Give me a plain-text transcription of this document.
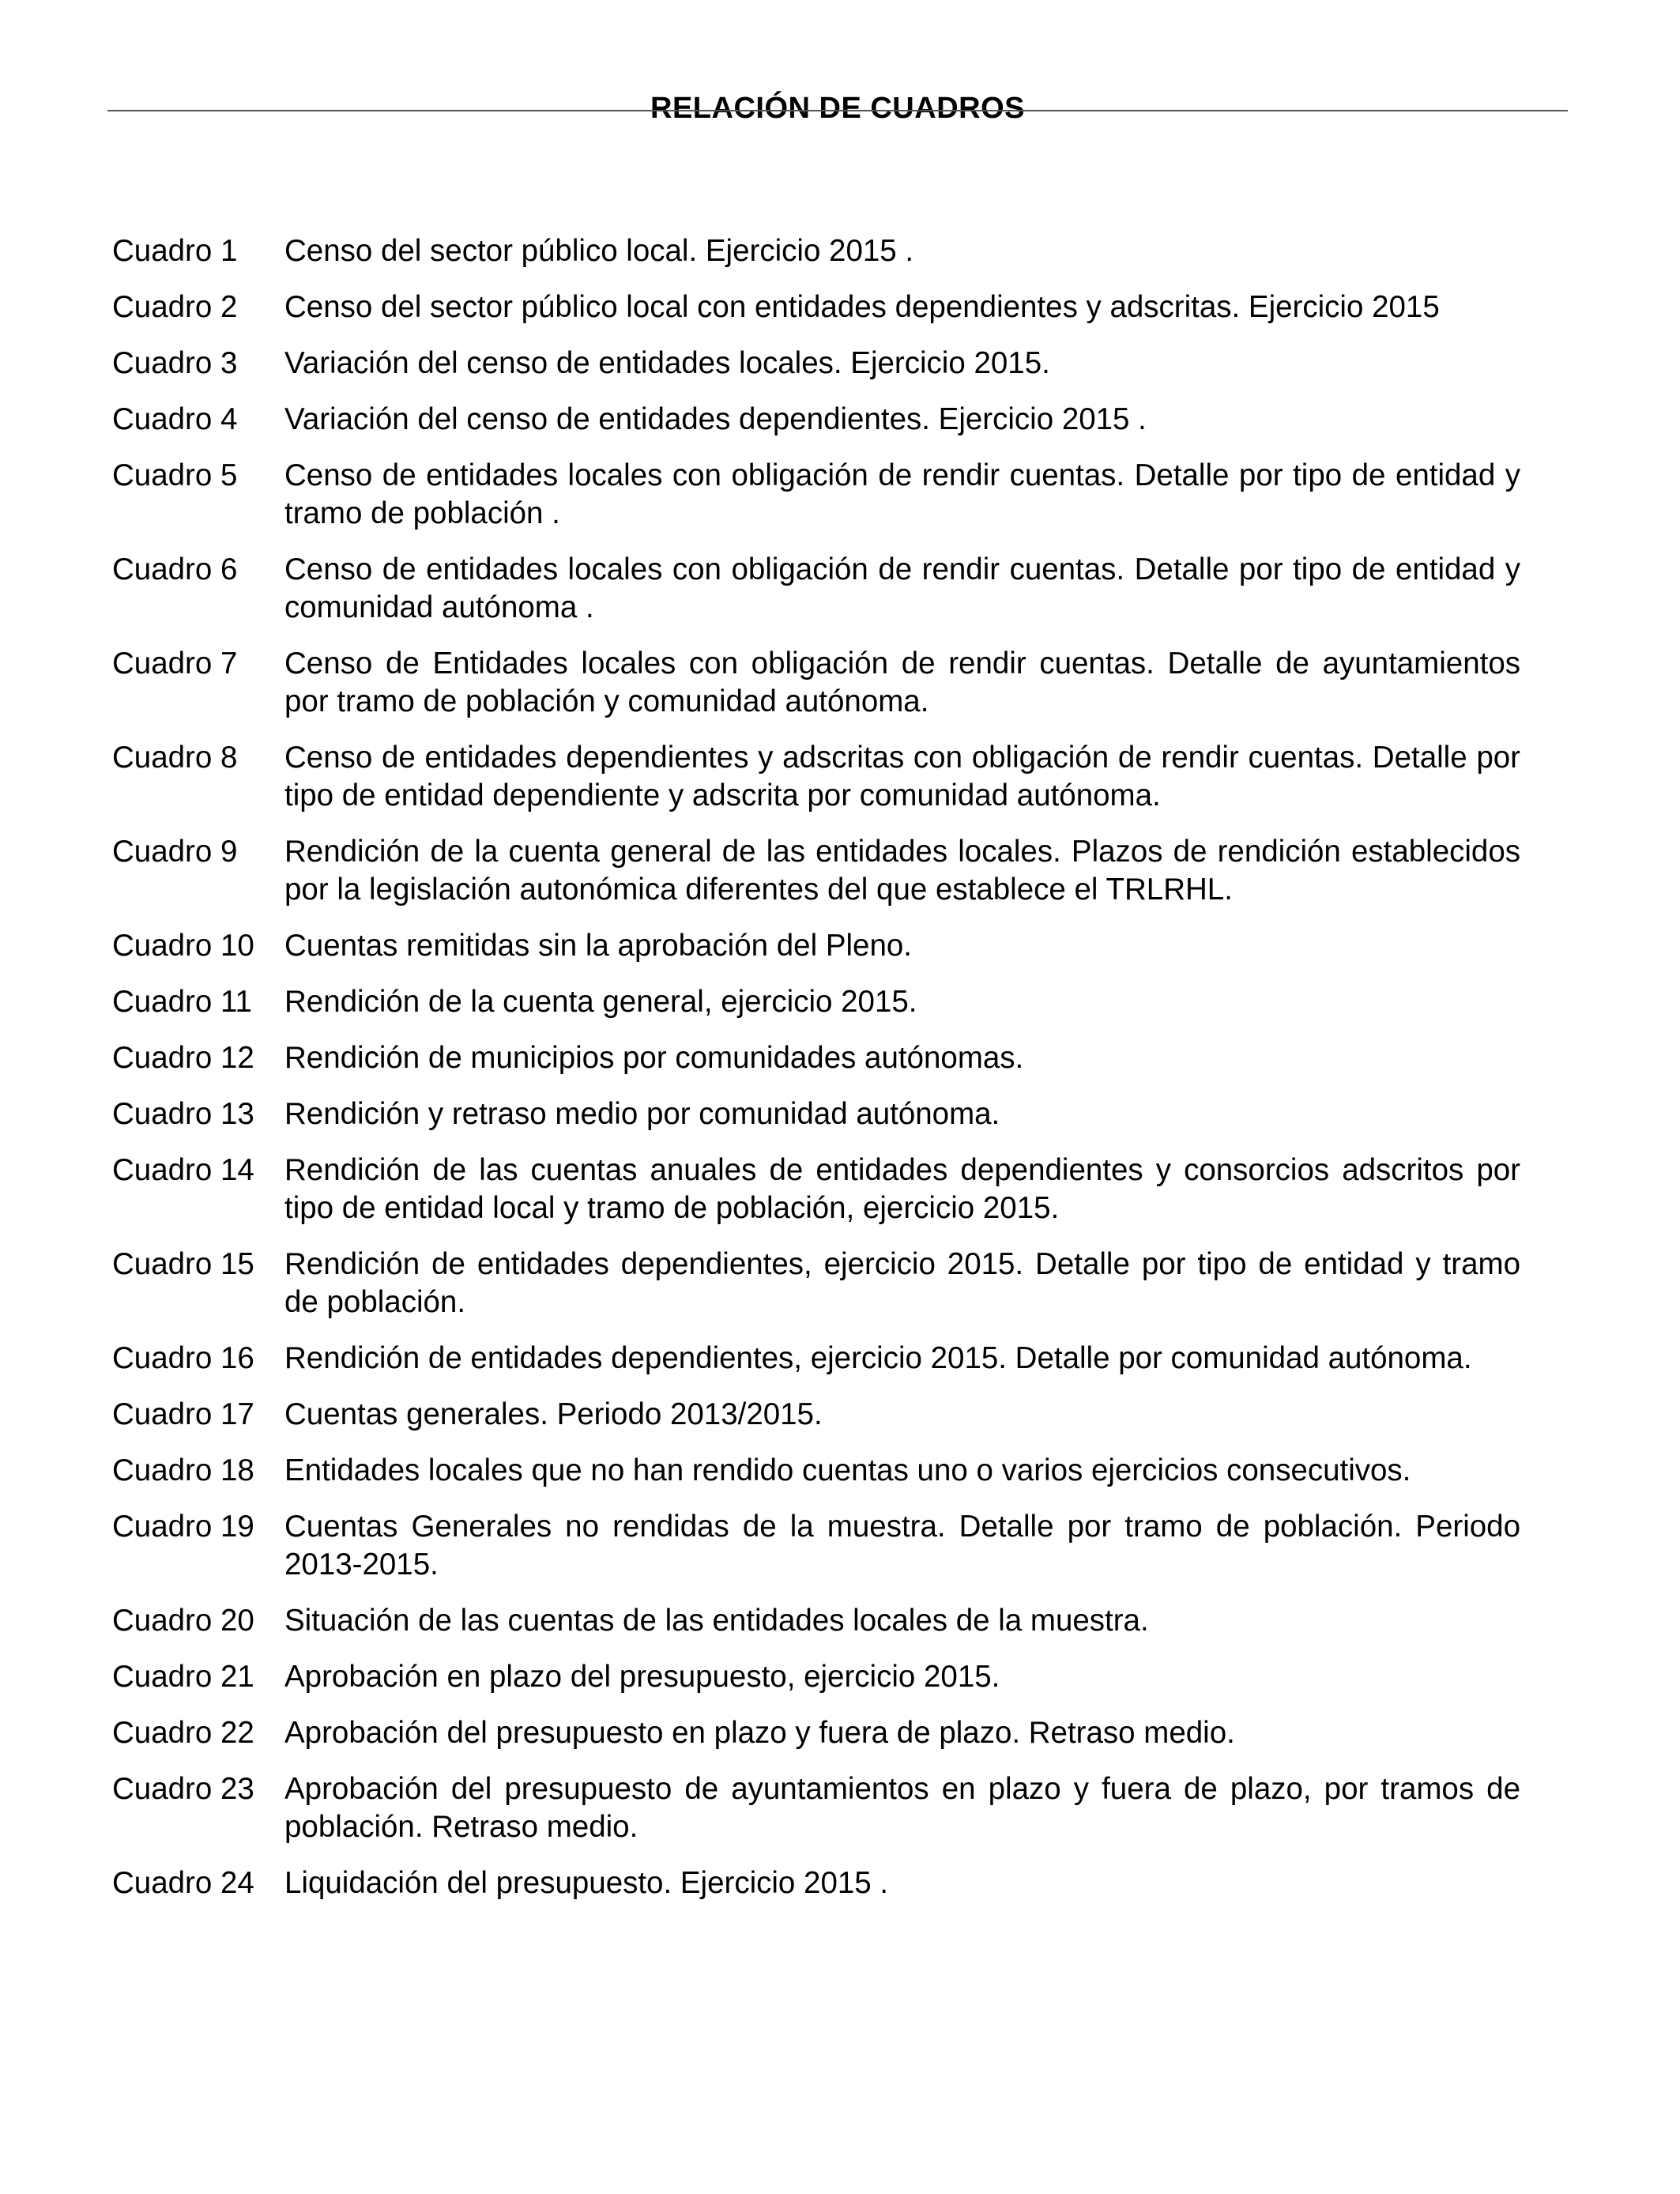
RELACIÓN DE CUADROS
Cuadro 1	Censo del sector público local. Ejercicio 2015 .
Cuadro 2	Censo del sector público local con entidades dependientes y adscritas. Ejercicio 2015
Cuadro 3	Variación del censo de entidades locales. Ejercicio 2015.
Cuadro 4	Variación del censo de entidades dependientes. Ejercicio 2015 .
Cuadro 5	Censo de entidades locales con obligación de rendir cuentas. Detalle por tipo de entidad y tramo de población .
Cuadro 6	Censo de entidades locales con obligación de rendir cuentas. Detalle por tipo de entidad y comunidad autónoma .
Cuadro 7	Censo de Entidades locales con obligación de rendir cuentas. Detalle de ayuntamientos por tramo de población y comunidad autónoma.
Cuadro 8	Censo de entidades dependientes y adscritas con obligación de rendir cuentas. Detalle por tipo de entidad dependiente y adscrita por comunidad autónoma.
Cuadro 9	Rendición de la cuenta general de las entidades locales. Plazos de rendición establecidos por la legislación autonómica diferentes del que establece el TRLRHL.
Cuadro 10 Cuentas remitidas sin la aprobación del Pleno.
Cuadro 11	Rendición de la cuenta general, ejercicio 2015.
Cuadro 12 Rendición de municipios por comunidades autónomas.
Cuadro 13 Rendición y retraso medio por comunidad autónoma.
Cuadro 14 Rendición de las cuentas anuales de entidades dependientes y consorcios adscritos por tipo de entidad local y tramo de población, ejercicio 2015.
Cuadro 15 Rendición de entidades dependientes, ejercicio 2015. Detalle por tipo de entidad y tramo de población.
Cuadro 16 Rendición de entidades dependientes, ejercicio 2015. Detalle por comunidad autónoma.
Cuadro 17 Cuentas generales. Periodo 2013/2015.
Cuadro 18 Entidades locales que no han rendido cuentas uno o varios ejercicios consecutivos.
Cuadro 19 Cuentas Generales no rendidas de la muestra. Detalle por tramo de población. Periodo 2013-2015.
Cuadro 20 Situación de las cuentas de las entidades locales de la muestra.
Cuadro 21 Aprobación en plazo del presupuesto, ejercicio 2015.
Cuadro 22 Aprobación del presupuesto en plazo y fuera de plazo. Retraso medio.
Cuadro 23 Aprobación del presupuesto de ayuntamientos en plazo y fuera de plazo, por tramos de población. Retraso medio.
Cuadro 24 Liquidación del presupuesto. Ejercicio 2015 .
